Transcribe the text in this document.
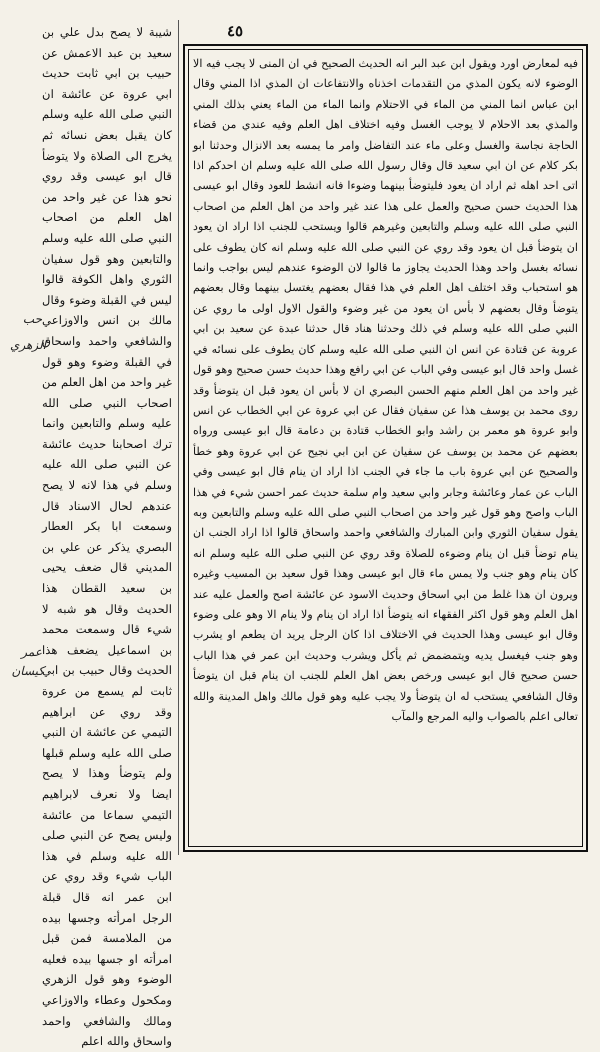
٤٥
شيبة لا يصح بدل علي بن سعيد بن عبد الاعمش عن حبيب بن ابي ثابت حديث ابي عروة عن عائشة ان النبي صلى الله عليه وسلم كان يقبل بعض نسائه ثم يخرج الى الصلاة ولا يتوضأ قال ابو عيسى وقد روي نحو هذا عن غير واحد من اهل العلم من اصحاب النبي صلى الله عليه وسلم والتابعين وهو قول سفيان الثوري واهل الكوفة قالوا ليس في القبلة وضوء وقال مالك بن انس والاوزاعي والشافعي واحمد واسحاق في القبلة وضوء وهو قول غير واحد من اهل العلم من اصحاب النبي صلى الله عليه وسلم والتابعين وانما ترك اصحابنا حديث عائشة عن النبي صلى الله عليه وسلم في هذا لانه لا يصح عندهم لحال الاسناد قال وسمعت ابا بكر العطار البصري يذكر عن علي بن المديني قال ضعف يحيى بن سعيد القطان هذا الحديث وقال هو شبه لا شيء قال وسمعت محمد بن اسماعيل يضعف هذا الحديث وقال حبيب بن ابي ثابت لم يسمع من عروة وقد روي عن ابراهيم التيمي عن عائشة ان النبي صلى الله عليه وسلم قبلها ولم يتوضأ وهذا لا يصح ايضا ولا نعرف لابراهيم التيمي سماعا من عائشة وليس يصح عن النبي صلى الله عليه وسلم في هذا الباب شيء وقد روي عن ابن عمر انه قال قبلة الرجل امرأته وجسها بيده من الملامسة فمن قبل امرأته او جسها بيده فعليه الوضوء وهو قول الزهري ومكحول وعطاء والاوزاعي ومالك والشافعي واحمد واسحاق والله اعلم
حب
الزهري
عمر
كيسان
فيه لمعارض اورد ويقول ابن عبد البر انه الحديث الصحيح في ان المنى لا يجب فيه الا الوضوء لانه يكون المذي من التقدمات اخذناه والانتفاعات ان المذي اذا المني وقال ابن عباس انما المني من الماء في الاحتلام وانما الماء من الماء يعني بذلك المني والمذي بعد الاحلام لا يوجب الغسل وفيه اختلاف اهل العلم وفيه عندي من قضاء الحاجة نجاسة والغسل وعلى ماء عند التفاضل وامر ما يمسه بعد الانزال وحدثنا ابو بكر كلام عن ان ابي سعيد قال وقال رسول الله صلى الله عليه وسلم ان احدكم اذا اتى احد اهله ثم اراد ان يعود فليتوضأ بينهما وضوءا فانه انشط للعود وقال ابو عيسى هذا الحديث حسن صحيح والعمل على هذا عند غير واحد من اهل العلم من اصحاب النبي صلى الله عليه وسلم والتابعين وغيرهم قالوا ويستحب للجنب اذا اراد ان يعود ان يتوضأ قبل ان يعود وقد روي عن النبي صلى الله عليه وسلم انه كان يطوف على نسائه بغسل واحد وهذا الحديث يجاوز ما قالوا لان الوضوء عندهم ليس بواجب وانما هو استحباب وقد اختلف اهل العلم في هذا فقال بعضهم يغتسل بينهما وقال بعضهم يتوضأ وقال بعضهم لا بأس ان يعود من غير وضوء والقول الاول اولى ما روي عن النبي صلى الله عليه وسلم في ذلك وحدثنا هناد قال حدثنا عبدة عن سعيد بن ابي عروبة عن قتادة عن انس ان النبي صلى الله عليه وسلم كان يطوف على نسائه في غسل واحد قال ابو عيسى وفي الباب عن ابي رافع وهذا حديث حسن صحيح وهو قول غير واحد من اهل العلم منهم الحسن البصري ان لا بأس ان يعود قبل ان يتوضأ وقد روى محمد بن يوسف هذا عن سفيان فقال عن ابي عروة عن ابي الخطاب عن انس وابو عروة هو معمر بن راشد وابو الخطاب قتادة بن دعامة قال ابو عيسى ورواه بعضهم عن محمد بن يوسف عن سفيان عن ابن ابي نجيح عن ابي عروة وهو خطأ والصحيح عن ابي عروة باب ما جاء في الجنب اذا اراد ان ينام قال ابو عيسى وفي الباب عن عمار وعائشة وجابر وابي سعيد وام سلمة حديث عمر احسن شيء في هذا الباب واصح وهو قول غير واحد من اصحاب النبي صلى الله عليه وسلم والتابعين وبه يقول سفيان الثوري وابن المبارك والشافعي واحمد واسحاق قالوا اذا اراد الجنب ان ينام توضأ قبل ان ينام وضوءه للصلاة وقد روي عن النبي صلى الله عليه وسلم انه كان ينام وهو جنب ولا يمس ماء قال ابو عيسى وهذا قول سعيد بن المسيب وغيره ويرون ان هذا غلط من ابي اسحاق وحديث الاسود عن عائشة اصح والعمل عليه عند اهل العلم وهو قول اكثر الفقهاء انه يتوضأ اذا اراد ان ينام ولا ينام الا وهو على وضوء وقال ابو عيسى وهذا الحديث في الاختلاف اذا كان الرجل يريد ان يطعم او يشرب وهو جنب فيغسل يديه ويتمضمض ثم يأكل ويشرب وحديث ابن عمر في هذا الباب حسن صحيح قال ابو عيسى ورخص بعض اهل العلم للجنب ان ينام قبل ان يتوضأ وقال الشافعي يستحب له ان يتوضأ ولا يجب عليه وهو قول مالك واهل المدينة والله تعالى اعلم بالصواب واليه المرجع والمآب
